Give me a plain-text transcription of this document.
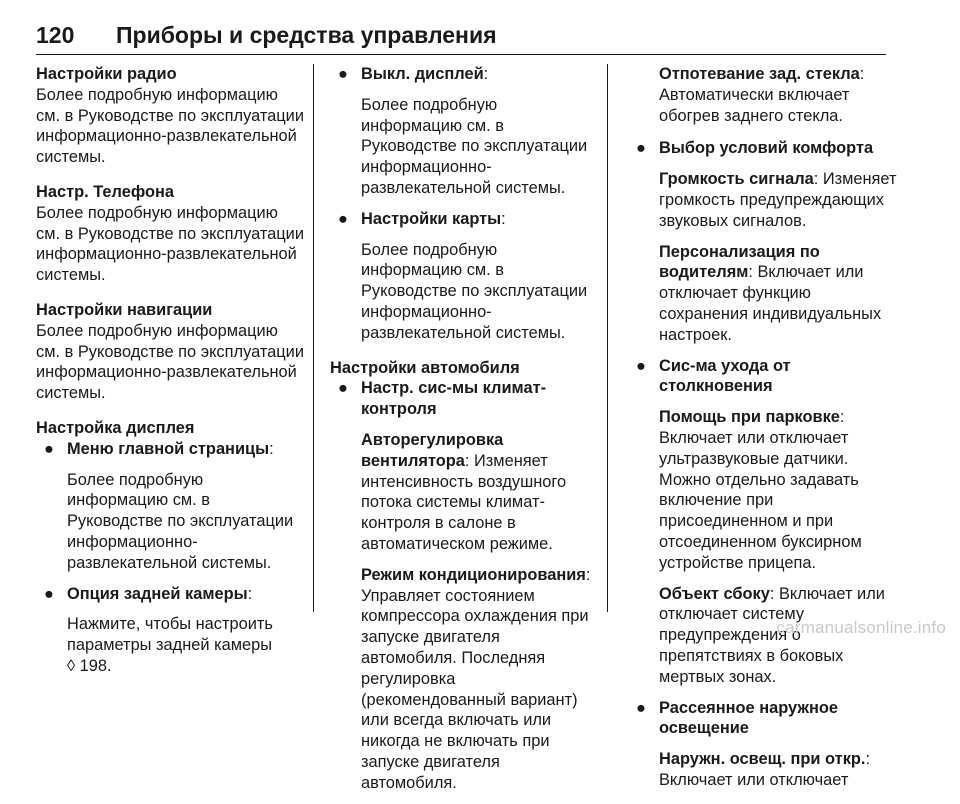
120 Приборы и средства управления
Настройки радио
Более подробную информацию см. в Руководстве по эксплуатации информационно-развлекательной системы.
Настр. Телефона
Более подробную информацию см. в Руководстве по эксплуатации информационно-развлекательной системы.
Настройки навигации
Более подробную информацию см. в Руководстве по эксплуатации информационно-развлекательной системы.
Настройка дисплея
● Меню главной страницы:
Более подробную информацию см. в Руководстве по эксплуатации информационно-развлекательной системы.
● Опция задней камеры:
Нажмите, чтобы настроить параметры задней камеры
◊ 198.
● Выкл. дисплей:
Более подробную информацию см. в Руководстве по эксплуатации информационно-развлекательной системы.
● Настройки карты:
Более подробную информацию см. в Руководстве по эксплуатации информационно-развлекательной системы.
Настройки автомобиля
● Настр. сис-мы климат-контроля
Авторегулировка вентилятора: Изменяет интенсивность воздушного потока системы климат-контроля в салоне в автоматическом режиме.
Режим кондиционирования: Управляет состоянием компрессора охлаждения при запуске двигателя автомобиля. Последняя регулировка (рекомендованный вариант) или всегда включать или никогда не включать при запуске двигателя автомобиля.
Отпотевание зад. стекла: Автоматически включает обогрев заднего стекла.
● Выбор условий комфорта
Громкость сигнала: Изменяет громкость предупреждающих звуковых сигналов.
Персонализация по водителям: Включает или отключает функцию сохранения индивидуальных настроек.
● Сис-ма ухода от столкновения
Помощь при парковке: Включает или отключает ультразвуковые датчики. Можно отдельно задавать включение при присоединенном и при отсоединенном буксирном устройстве прицепа.
Объект сбоку: Включает или отключает систему предупреждения о препятствиях в боковых мертвых зонах.
● Рассеянное наружное освещение
Наружн. освещ. при откр.: Включает или отключает
carmanualsonline.info
